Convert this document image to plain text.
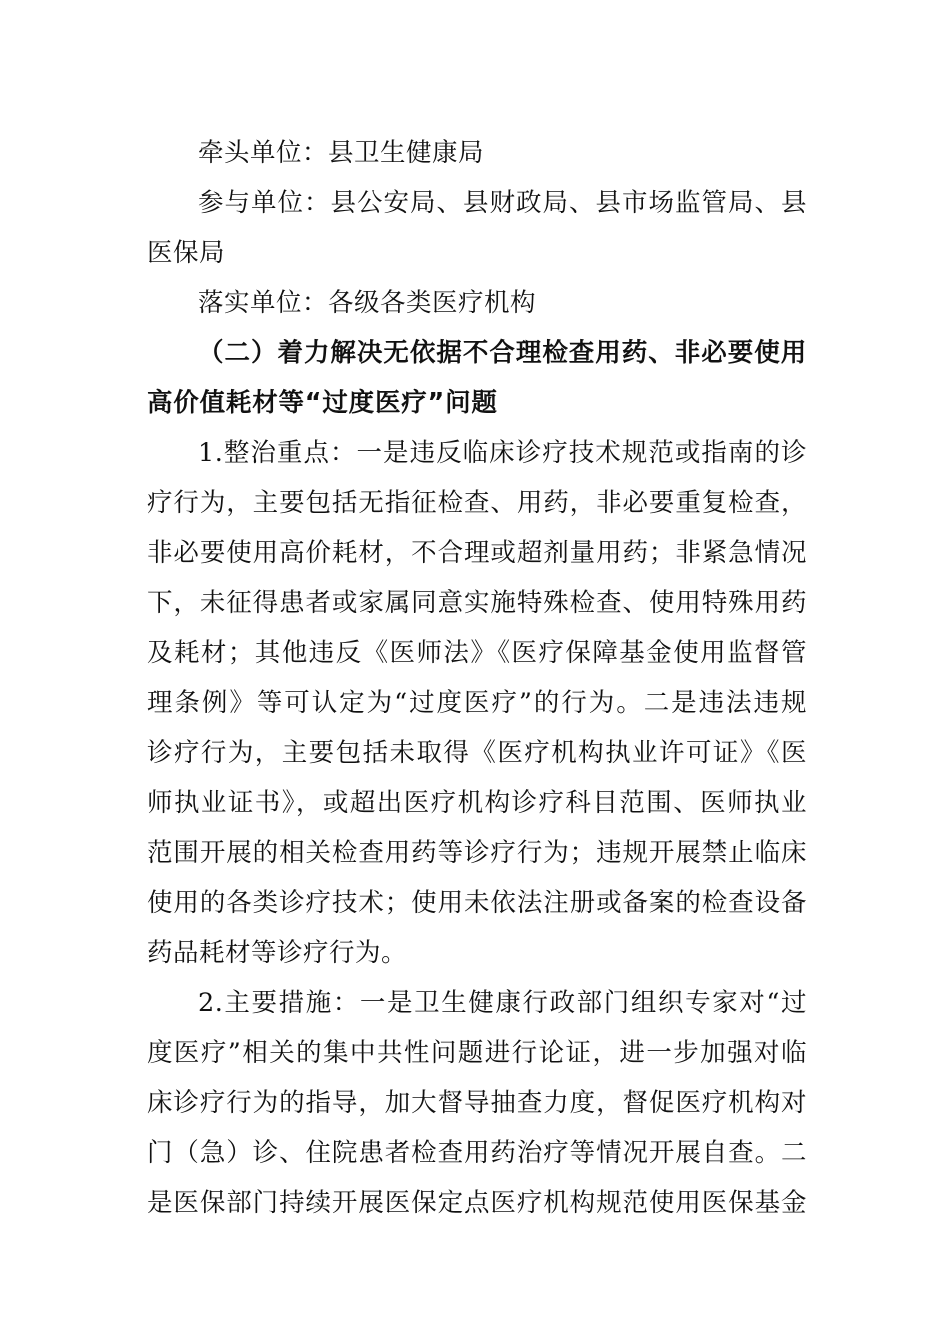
牵头单位：县卫生健康局
参与单位：县公安局、县财政局、县市场监管局、县
医保局
落实单位：各级各类医疗机构
（二）着力解决无依据不合理检查用药、非必要使用
高价值耗材等“过度医疗”问题
1.整治重点：一是违反临床诊疗技术规范或指南的诊
疗行为，主要包括无指征检查、用药，非必要重复检查，
非必要使用高价耗材，不合理或超剂量用药；非紧急情况
下，未征得患者或家属同意实施特殊检查、使用特殊用药
及耗材；其他违反《医师法》《医疗保障基金使用监督管
理条例》等可认定为“过度医疗”的行为。二是违法违规
诊疗行为，主要包括未取得《医疗机构执业许可证》《医
师执业证书》，或超出医疗机构诊疗科目范围、医师执业
范围开展的相关检查用药等诊疗行为；违规开展禁止临床
使用的各类诊疗技术；使用未依法注册或备案的检查设备
药品耗材等诊疗行为。
2.主要措施：一是卫生健康行政部门组织专家对“过
度医疗”相关的集中共性问题进行论证，进一步加强对临
床诊疗行为的指导，加大督导抽查力度，督促医疗机构对
门（急）诊、住院患者检查用药治疗等情况开展自查。二
是医保部门持续开展医保定点医疗机构规范使用医保基金
